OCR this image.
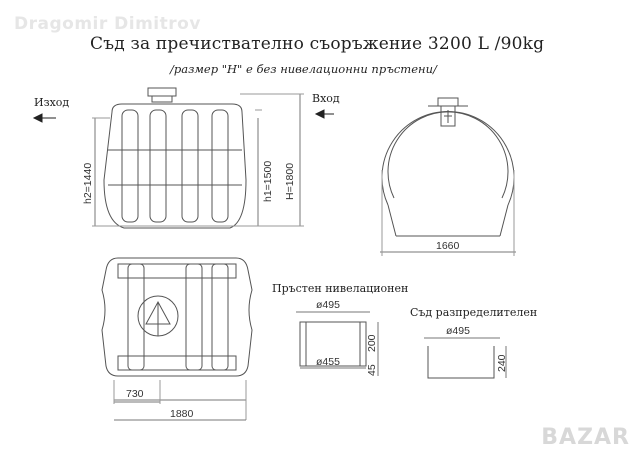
Dragomir Dimitrov
Съд за пречиствателно съоръжение 3200 L /90kg
/размер "Н" е без нивелационни пръстени/
Изход	Вход
h2=1440	h1=1500 H=1800
1660
730
1880
Пръстен нивелационен
ø495
ø455
200
45
Съд разпределителен
ø495
240
BAZAR
